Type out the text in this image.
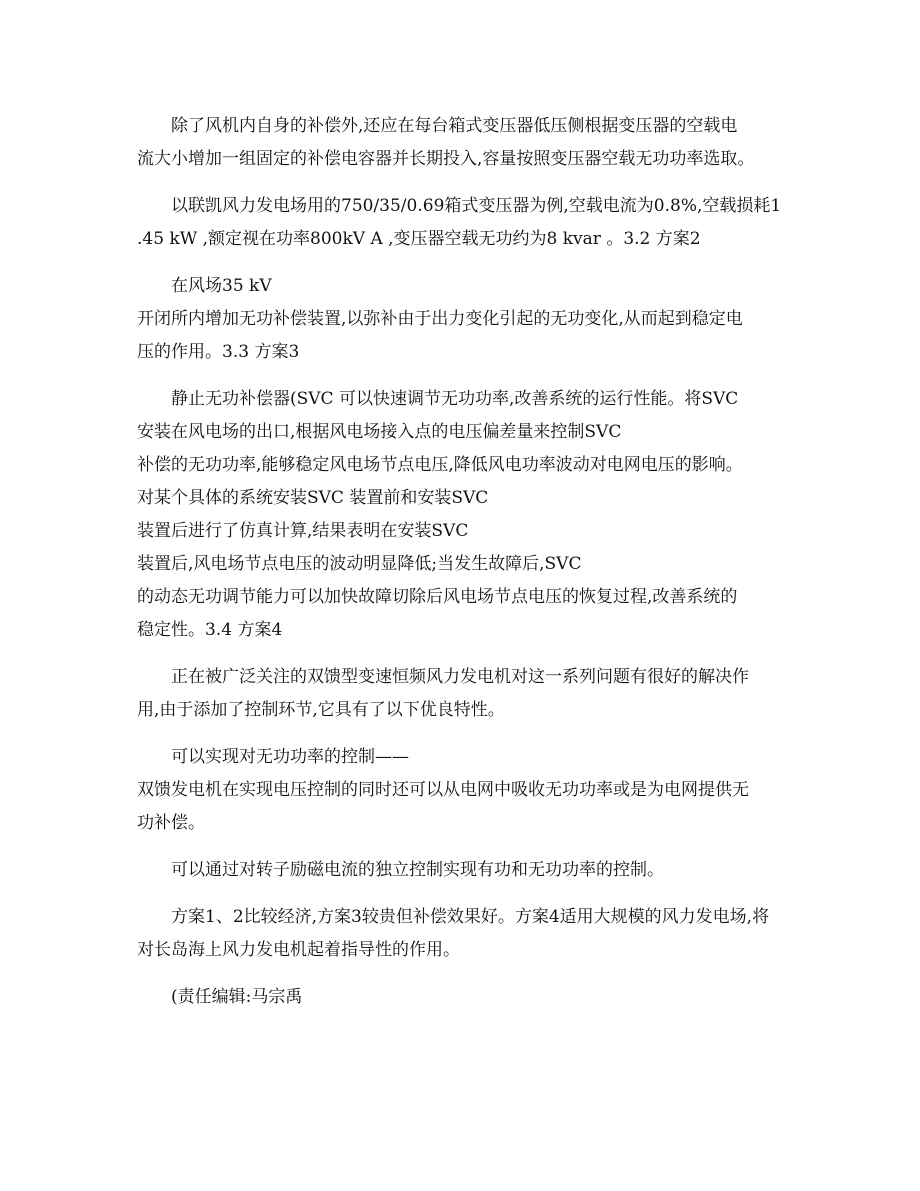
除了风机内自身的补偿外,还应在每台箱式变压器低压侧根据变压器的空载电
流大小增加一组固定的补偿电容器并长期投入,容量按照变压器空载无功功率选取。

以联凯风力发电场用的750/35/0.69箱式变压器为例,空载电流为0.8%,空载损耗1
.45 kW ,额定视在功率800kV A ,变压器空载无功约为8 kvar 。3.2 方案2

在风场35 kV
开闭所内增加无功补偿装置,以弥补由于出力变化引起的无功变化,从而起到稳定电
压的作用。3.3 方案3

静止无功补偿器(SVC 可以快速调节无功功率,改善系统的运行性能。将SVC
安装在风电场的出口,根据风电场接入点的电压偏差量来控制SVC
补偿的无功功率,能够稳定风电场节点电压,降低风电功率波动对电网电压的影响。
对某个具体的系统安装SVC 装置前和安装SVC
装置后进行了仿真计算,结果表明在安装SVC
装置后,风电场节点电压的波动明显降低;当发生故障后,SVC
的动态无功调节能力可以加快故障切除后风电场节点电压的恢复过程,改善系统的
稳定性。3.4 方案4

正在被广泛关注的双馈型变速恒频风力发电机对这一系列问题有很好的解决作
用,由于添加了控制环节,它具有了以下优良特性。

可以实现对无功功率的控制——
双馈发电机在实现电压控制的同时还可以从电网中吸收无功功率或是为电网提供无
功补偿。

可以通过对转子励磁电流的独立控制实现有功和无功功率的控制。

方案1、2比较经济,方案3较贵但补偿效果好。方案4适用大规模的风力发电场,将
对长岛海上风力发电机起着指导性的作用。

(责任编辑:马宗禹
